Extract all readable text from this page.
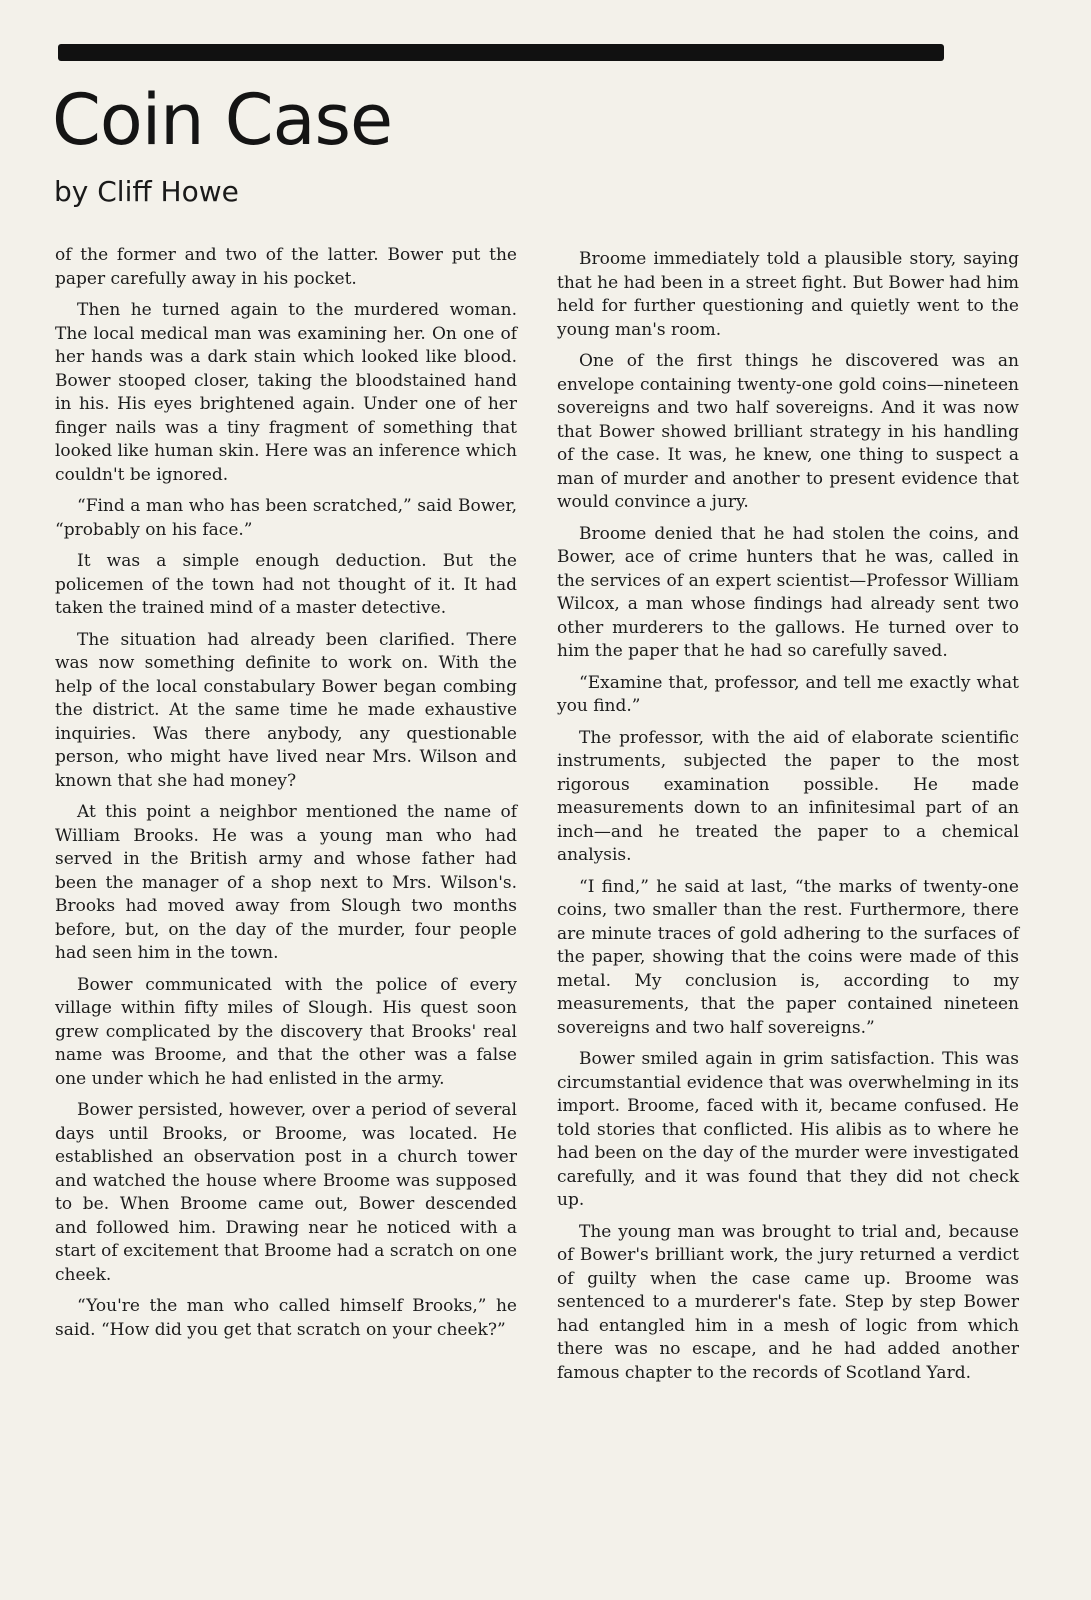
Coin Case
by Cliff Howe

of the former and two of the latter. Bower put the paper carefully away in his pocket.

Then he turned again to the murdered woman. The local medical man was examining her. On one of her hands was a dark stain which looked like blood. Bower stooped closer, taking the bloodstained hand in his. His eyes brightened again. Under one of her finger nails was a tiny fragment of something that looked like human skin. Here was an inference which couldn't be ignored.

“Find a man who has been scratched,” said Bower, “probably on his face.”

It was a simple enough deduction. But the policemen of the town had not thought of it. It had taken the trained mind of a master detective.

The situation had already been clarified. There was now something definite to work on. With the help of the local constabulary Bower began combing the district. At the same time he made exhaustive inquiries. Was there anybody, any questionable person, who might have lived near Mrs. Wilson and known that she had money?

At this point a neighbor mentioned the name of William Brooks. He was a young man who had served in the British army and whose father had been the manager of a shop next to Mrs. Wilson's. Brooks had moved away from Slough two months before, but, on the day of the murder, four people had seen him in the town.

Bower communicated with the police of every village within fifty miles of Slough. His quest soon grew complicated by the discovery that Brooks' real name was Broome, and that the other was a false one under which he had enlisted in the army.

Bower persisted, however, over a period of several days until Brooks, or Broome, was located. He established an observation post in a church tower and watched the house where Broome was supposed to be. When Broome came out, Bower descended and followed him. Drawing near he noticed with a start of excitement that Broome had a scratch on one cheek.

“You're the man who called himself Brooks,” he said. “How did you get that scratch on your cheek?”

Broome immediately told a plausible story, saying that he had been in a street fight. But Bower had him held for further questioning and quietly went to the young man's room.

One of the first things he discovered was an envelope containing twenty-one gold coins—nineteen sovereigns and two half sovereigns. And it was now that Bower showed brilliant strategy in his handling of the case. It was, he knew, one thing to suspect a man of murder and another to present evidence that would convince a jury.

Broome denied that he had stolen the coins, and Bower, ace of crime hunters that he was, called in the services of an expert scientist—Professor William Wilcox, a man whose findings had already sent two other murderers to the gallows. He turned over to him the paper that he had so carefully saved.

“Examine that, professor, and tell me exactly what you find.”

The professor, with the aid of elaborate scientific instruments, subjected the paper to the most rigorous examination possible. He made measurements down to an infinitesimal part of an inch—and he treated the paper to a chemical analysis.

“I find,” he said at last, “the marks of twenty-one coins, two smaller than the rest. Furthermore, there are minute traces of gold adhering to the surfaces of the paper, showing that the coins were made of this metal. My conclusion is, according to my measurements, that the paper contained nineteen sovereigns and two half sovereigns.”

Bower smiled again in grim satisfaction. This was circumstantial evidence that was overwhelming in its import. Broome, faced with it, became confused. He told stories that conflicted. His alibis as to where he had been on the day of the murder were investigated carefully, and it was found that they did not check up.

The young man was brought to trial and, because of Bower's brilliant work, the jury returned a verdict of guilty when the case came up. Broome was sentenced to a murderer's fate. Step by step Bower had entangled him in a mesh of logic from which there was no escape, and he had added another famous chapter to the records of Scotland Yard.
